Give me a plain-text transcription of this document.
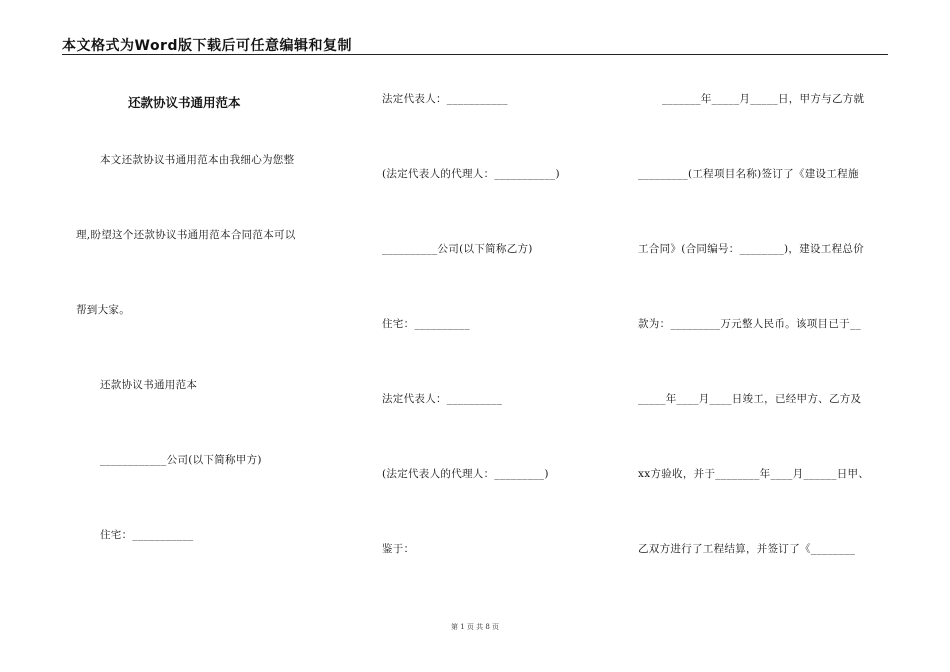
本文格式为Word版下载后可任意编辑和复制
还款协议书通用范本
本文还款协议书通用范本由我细心为您整
理,盼望这个还款协议书通用范本合同范本可以
帮到大家。
还款协议书通用范本
____________公司(以下简称甲方)
住宅：___________
法定代表人：___________
(法定代表人的代理人：___________)
__________公司(以下简称乙方)
住宅：__________
法定代表人：__________
(法定代表人的代理人：_________)
鉴于：
_______年_____月_____日，甲方与乙方就
_________(工程项目名称)签订了《建设工程施
工合同》(合同编号：________)，建设工程总价
款为：_________万元整人民币。该项目已于__
_____年____月____日竣工，已经甲方、乙方及
xx方验收，并于________年____月______日甲、
乙双方进行了工程结算，并签订了《________
第 1 页 共 8 页
